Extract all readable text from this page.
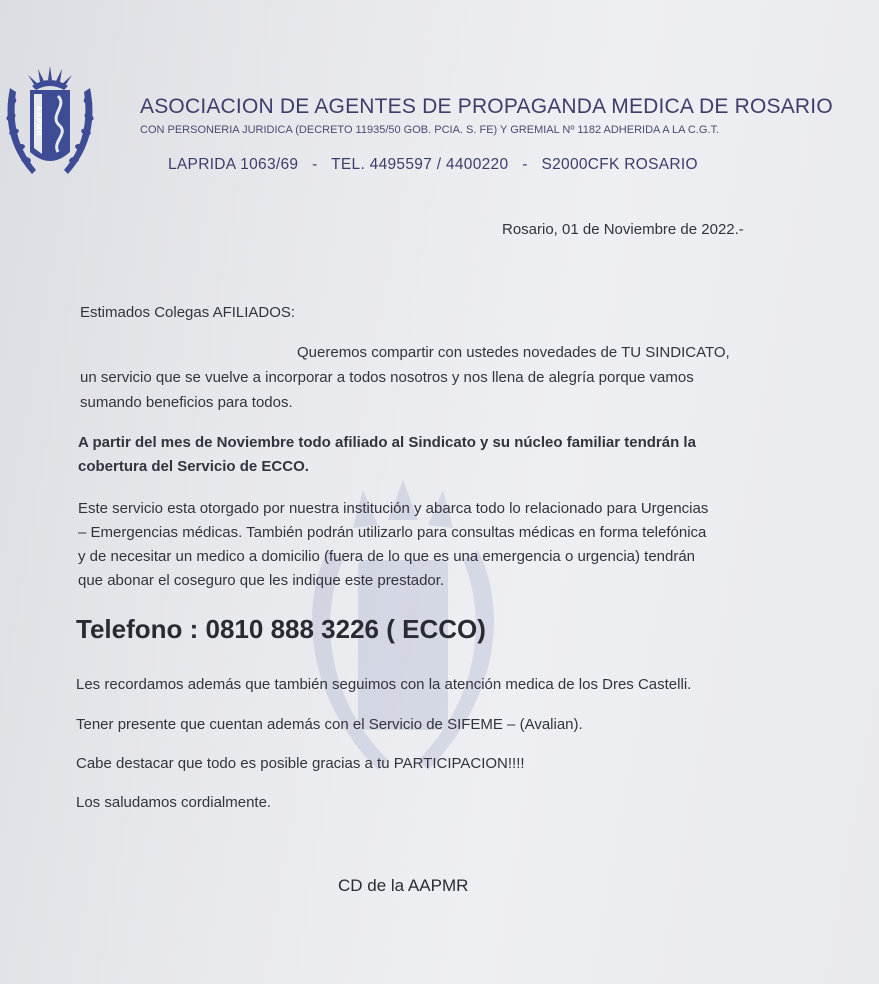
AAPMR	ASOCIACION DE AGENTES DE PROPAGANDA MEDICA DE ROSARIO
CON PERSONERIA JURIDICA (DECRETO 11935/50 GOB. PCIA. S. FE) Y GREMIAL Nº 1182 ADHERIDA A LA C.G.T.
LAPRIDA 1063/69   -   TEL. 4495597 / 4400220   -   S2000CFK ROSARIO
Rosario, 01 de Noviembre de 2022.-
Estimados Colegas AFILIADOS:
Queremos compartir con ustedes novedades de TU SINDICATO,
un servicio que se vuelve a incorporar a todos nosotros y nos llena de alegría porque vamos
sumando beneficios para todos.
A partir del mes de Noviembre todo afiliado al Sindicato y su núcleo familiar tendrán la
cobertura del Servicio de ECCO.
Este servicio esta otorgado por nuestra institución y abarca todo lo relacionado para Urgencias
– Emergencias médicas. También podrán utilizarlo para consultas médicas en forma telefónica
y de necesitar un medico a domicilio (fuera de lo que es una emergencia o urgencia) tendrán
que abonar el coseguro que les indique este prestador.
Telefono : 0810 888 3226 ( ECCO)
Les recordamos además que también seguimos con la atención medica de los Dres Castelli.
Tener presente que cuentan además con el Servicio de SIFEME – (Avalian).
Cabe destacar que todo es posible gracias a tu PARTICIPACION!!!!
Los saludamos cordialmente.
CD de la AAPMR
